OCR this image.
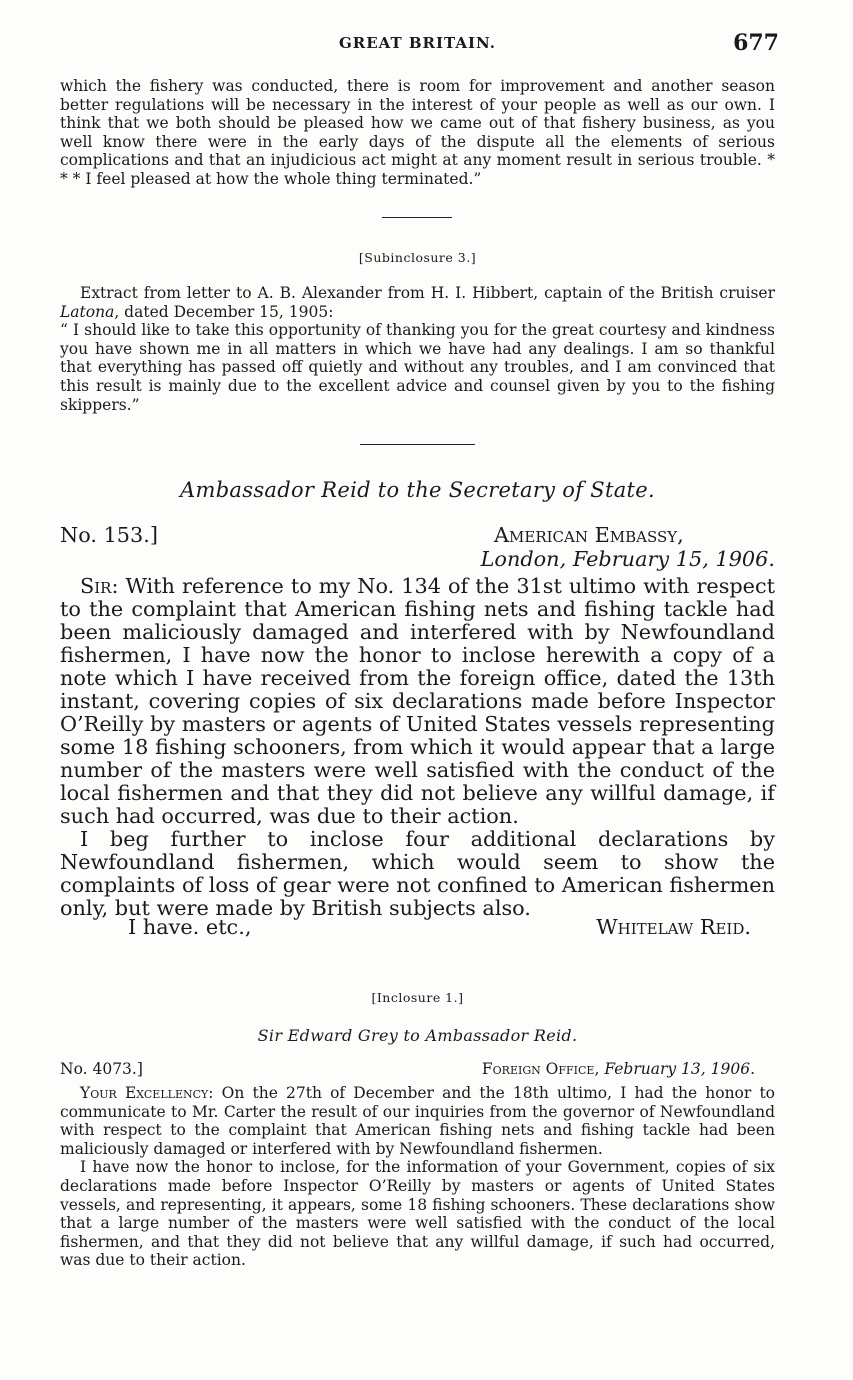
GREAT BRITAIN.	677

which the fishery was conducted, there is room for improvement and another season better regulations will be necessary in the interest of your people as well as our own. I think that we both should be pleased how we came out of that fishery business, as you well know there were in the early days of the dispute all the elements of serious complications and that an injudicious act might at any moment result in serious trouble. * * * I feel pleased at how the whole thing terminated.”

[Subinclosure 3.]

Extract from letter to A. B. Alexander from H. I. Hibbert, captain of the British cruiser Latona, dated December 15, 1905:

“ I should like to take this opportunity of thanking you for the great courtesy and kindness you have shown me in all matters in which we have had any dealings. I am so thankful that everything has passed off quietly and without any troubles, and I am convinced that this result is mainly due to the excellent advice and counsel given by you to the fishing skippers.”

Ambassador Reid to the Secretary of State.
No. 153.]	American Embassy,
London, February 15, 1906.

Sir: With reference to my No. 134 of the 31st ultimo with respect to the complaint that American fishing nets and fishing tackle had been maliciously damaged and interfered with by Newfoundland fishermen, I have now the honor to inclose herewith a copy of a note which I have received from the foreign office, dated the 13th instant, covering copies of six declarations made before Inspector O’Reilly by masters or agents of United States vessels representing some 18 fishing schooners, from which it would appear that a large number of the masters were well satisfied with the conduct of the local fishermen and that they did not believe any willful damage, if such had occurred, was due to their action.

I beg further to inclose four additional declarations by Newfoundland fishermen, which would seem to show the complaints of loss of gear were not confined to American fishermen only, but were made by British subjects also.

I have. etc.,	Whitelaw Reid.
[Inclosure 1.]
Sir Edward Grey to Ambassador Reid.
No. 4073.]	Foreign Office, February 13, 1906.

Your Excellency: On the 27th of December and the 18th ultimo, I had the honor to communicate to Mr. Carter the result of our inquiries from the governor of Newfoundland with respect to the complaint that American fishing nets and fishing tackle had been maliciously damaged or interfered with by Newfoundland fishermen.

I have now the honor to inclose, for the information of your Government, copies of six declarations made before Inspector O’Reilly by masters or agents of United States vessels, and representing, it appears, some 18 fishing schooners. These declarations show that a large number of the masters were well satisfied with the conduct of the local fishermen, and that they did not believe that any willful damage, if such had occurred, was due to their action.
